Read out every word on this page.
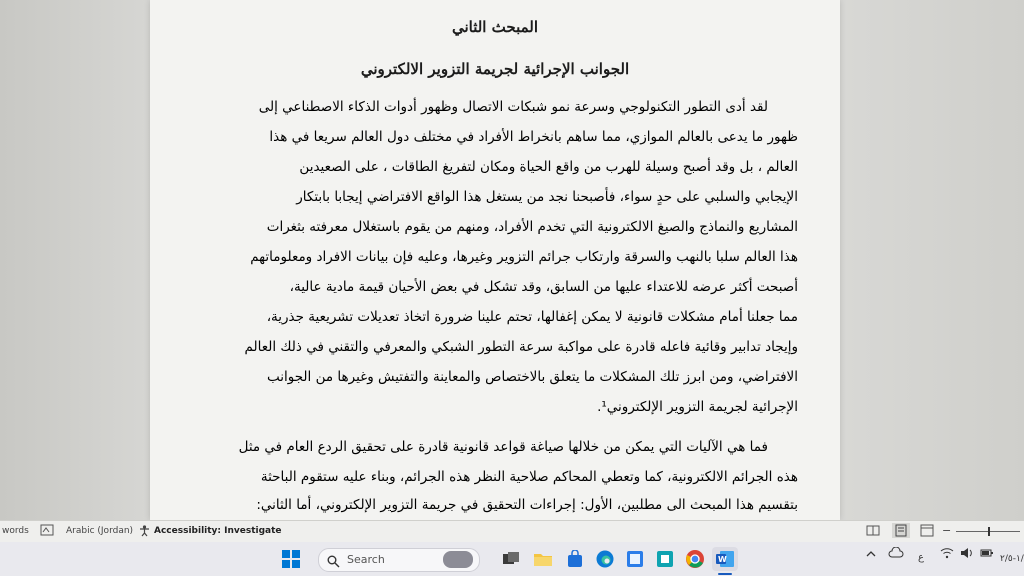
المبحث الثاني
الجوانب الإجرائية لجريمة التزوير الالكتروني
لقد أدى التطور التكنولوجي وسرعة نمو شبكات الاتصال وظهور أدوات الذكاء الاصطناعي إلى
ظهور ما يدعى بالعالم الموازي، مما ساهم بانخراط الأفراد في مختلف دول العالم سريعا في هذا
العالم ، بل وقد أصبح وسيلة للهرب من واقع الحياة ومكان لتفريغ الطاقات ، على الصعيدين
الإيجابي والسلبي على حدٍ سواء، فأصبحنا نجد من يستغل هذا الواقع الافتراضي إيجابا بابتكار
المشاريع والنماذج والصيغ الالكترونية التي تخدم الأفراد، ومنهم من يقوم باستغلال معرفته بثغرات
هذا العالم سلبا بالنهب والسرقة وارتكاب جرائم التزوير وغيرها، وعليه فإن بيانات الافراد ومعلوماتهم
أصبحت أكثر عرضه للاعتداء عليها من السابق، وقد تشكل في بعض الأحيان قيمة مادية عالية،
مما جعلنا أمام مشكلات قانونية لا يمكن إغفالها، تحتم علينا ضرورة اتخاذ تعديلات تشريعية جذرية،
وإيجاد تدابير وقائية فاعله قادرة على مواكبة سرعة التطور الشبكي والمعرفي والتقني في ذلك العالم
الافتراضي، ومن ابرز تلك المشكلات ما يتعلق بالاختصاص والمعاينة والتفتيش وغيرها من الجوانب
الإجرائية لجريمة التزوير الإلكتروني¹.
فما هي الآليات التي يمكن من خلالها صياغة قواعد قانونية قادرة على تحقيق الردع العام في مثل
هذه الجرائم الالكترونية، كما وتعطي المحاكم صلاحية النظر هذه الجرائم، وبناء عليه ستقوم الباحثة
بتقسيم هذا المبحث الى مطلبين، الأول: إجراءات التحقيق في جريمة التزوير الإلكتروني، أما الثاني:
words	Arabic (Jordan) Accessibility: Investigate	−
Search	W	ع	١-٢/٥/
